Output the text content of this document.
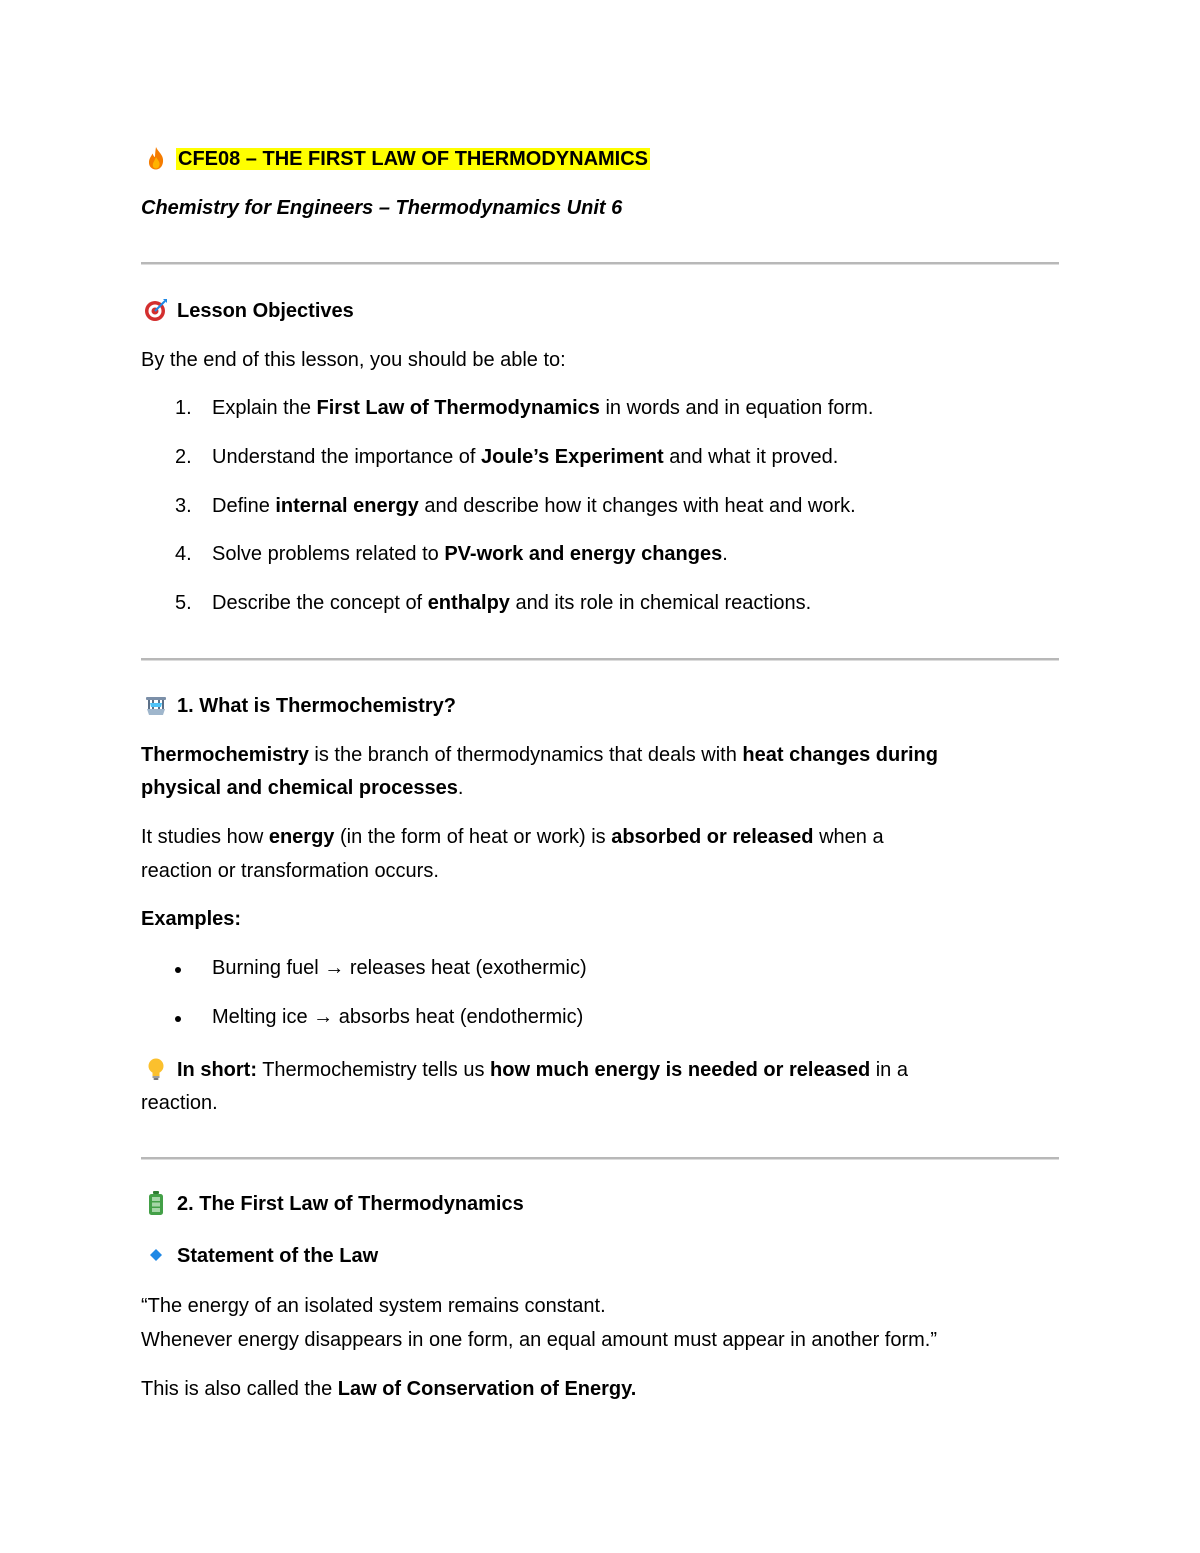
CFE08 – THE FIRST LAW OF THERMODYNAMICS
Chemistry for Engineers – Thermodynamics Unit 6
Lesson Objectives
By the end of this lesson, you should be able to:
1.	Explain the First Law of Thermodynamics in words and in equation form.
2.	Understand the importance of Joule’s Experiment and what it proved.
3.	Define internal energy and describe how it changes with heat and work.
4.	Solve problems related to PV-work and energy changes.
5.	Describe the concept of enthalpy and its role in chemical reactions.
1. What is Thermochemistry?
Thermochemistry is the branch of thermodynamics that deals with heat changes during
physical and chemical processes.
It studies how energy (in the form of heat or work) is absorbed or released when a
reaction or transformation occurs.
Examples:
Burning fuel → releases heat (exothermic)
Melting ice → absorbs heat (endothermic)
In short: Thermochemistry tells us how much energy is needed or released in a
reaction.
2. The First Law of Thermodynamics
Statement of the Law
“The energy of an isolated system remains constant.
Whenever energy disappears in one form, an equal amount must appear in another form.”
This is also called the Law of Conservation of Energy.
